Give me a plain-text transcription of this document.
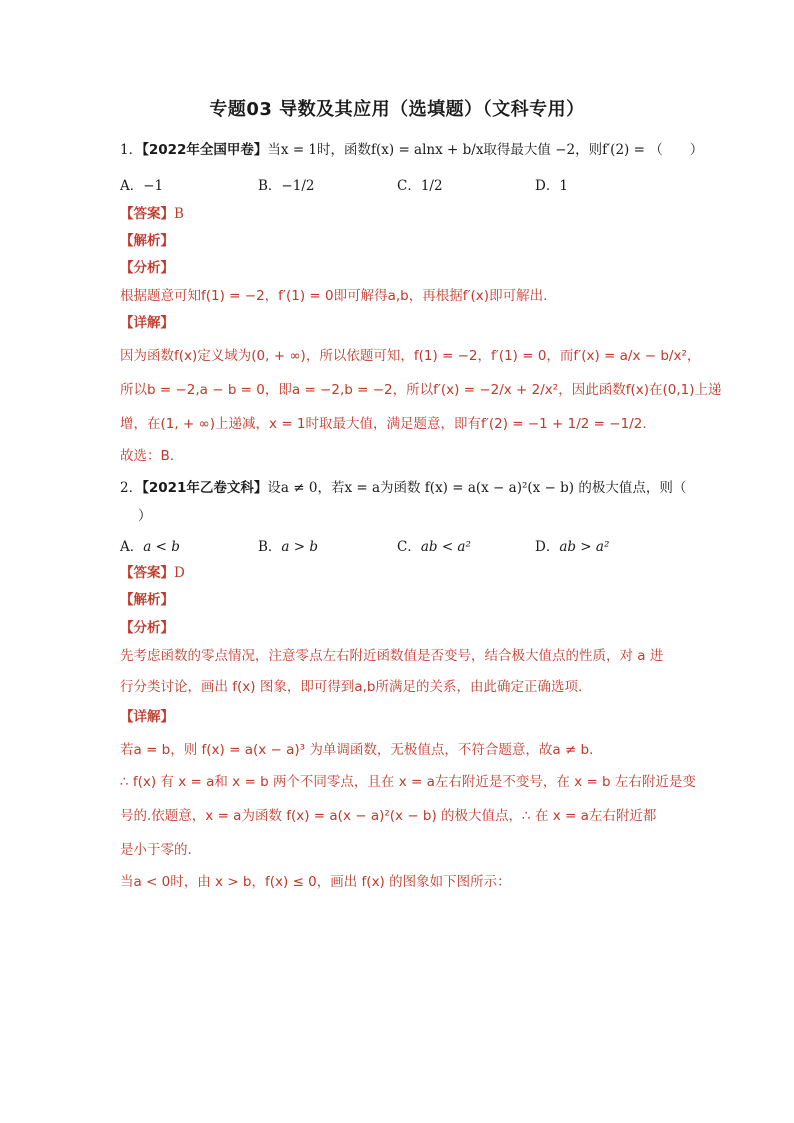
专题03 导数及其应用（选填题）（文科专用）
1．【2022年全国甲卷】当x = 1时，函数f(x) = alnx + b/x取得最大值 −2，则f′(2) = （　　）
A．−1	B．−1/2	C．1/2	D．1
【答案】B
【解析】
【分析】
根据题意可知f(1) = −2，f′(1) = 0即可解得a,b，再根据f′(x)即可解出.
【详解】
因为函数f(x)定义域为(0, + ∞)，所以依题可知，f(1) = −2，f′(1) = 0，而f′(x) = a/x − b/x²，
所以b = −2,a − b = 0，即a = −2,b = −2，所以f′(x) = −2/x + 2/x²，因此函数f(x)在(0,1)上递
增，在(1, + ∞)上递减，x = 1时取最大值，满足题意，即有f′(2) = −1 + 1/2 = −1/2.
故选：B.
2．【2021年乙卷文科】设a ≠ 0，若x = a为函数 f(x) = a(x − a)²(x − b) 的极大值点，则（
）
A．a < b	B．a > b	C．ab < a²	D．ab > a²
【答案】D
【解析】
【分析】
先考虑函数的零点情况，注意零点左右附近函数值是否变号，结合极大值点的性质，对 a 进
行分类讨论，画出 f(x) 图象，即可得到a,b所满足的关系，由此确定正确选项.
【详解】
若a = b，则 f(x) = a(x − a)³ 为单调函数，无极值点，不符合题意，故a ≠ b.
∴ f(x) 有 x = a和 x = b 两个不同零点，且在 x = a左右附近是不变号，在 x = b 左右附近是变
号的.依题意，x = a为函数 f(x) = a(x − a)²(x − b) 的极大值点，∴ 在 x = a左右附近都
是小于零的.
当a < 0时，由 x > b，f(x) ≤ 0，画出 f(x) 的图象如下图所示：
